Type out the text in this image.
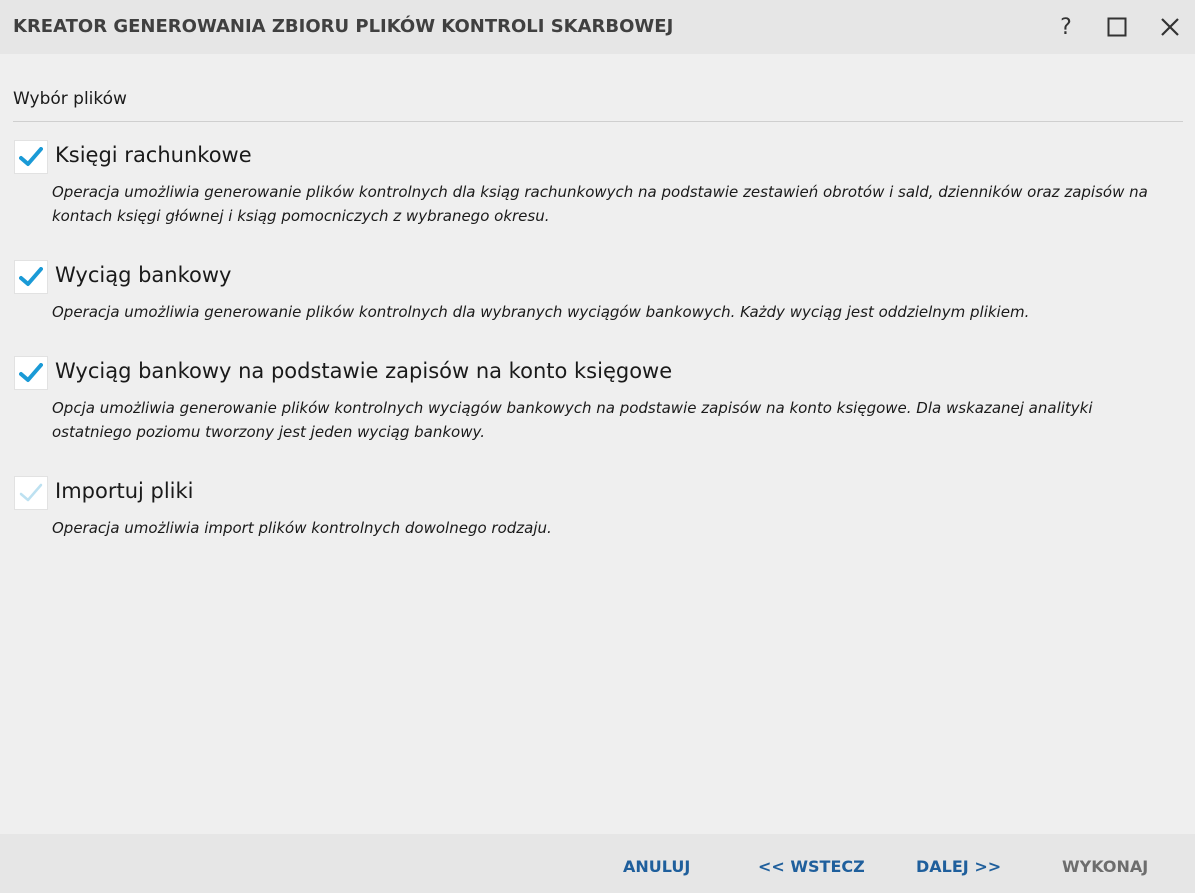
KREATOR GENEROWANIA ZBIORU PLIKÓW KONTROLI SKARBOWEJ	?
Wybór plików
Księgi rachunkowe
Operacja umożliwia generowanie plików kontrolnych dla ksiąg rachunkowych na podstawie zestawień obrotów i sald, dzienników oraz zapisów na kontach księgi głównej i ksiąg pomocniczych z wybranego okresu.
Wyciąg bankowy
Operacja umożliwia generowanie plików kontrolnych dla wybranych wyciągów bankowych. Każdy wyciąg jest oddzielnym plikiem.
Wyciąg bankowy na podstawie zapisów na konto księgowe
Opcja umożliwia generowanie plików kontrolnych wyciągów bankowych na podstawie zapisów na konto księgowe. Dla wskazanej analityki ostatniego poziomu tworzony jest jeden wyciąg bankowy.
Importuj pliki
Operacja umożliwia import plików kontrolnych dowolnego rodzaju.
ANULUJ	<< WSTECZ	DALEJ >>	WYKONAJ
